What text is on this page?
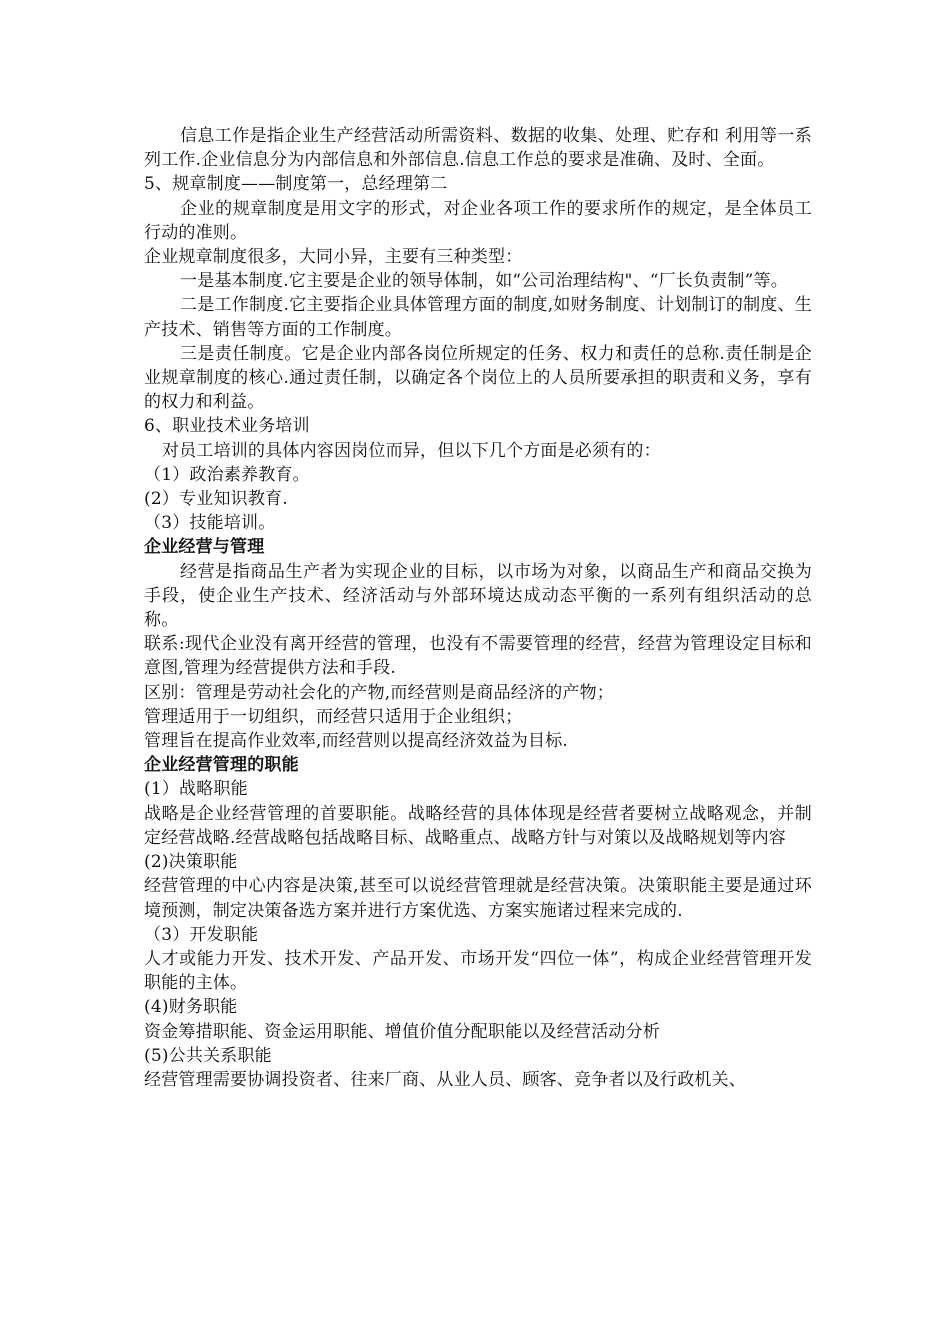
信息工作是指企业生产经营活动所需资料、数据的收集、处理、贮存和 利用等一系列工作.企业信息分为内部信息和外部信息.信息工作总的要求是准确、及时、全面。

5、规章制度——制度第一，总经理第二

企业的规章制度是用文字的形式，对企业各项工作的要求所作的规定，是全体员工行动的准则。

企业规章制度很多，大同小异，主要有三种类型：

一是基本制度.它主要是企业的领导体制，如“公司治理结构"、“厂长负责制”等。

二是工作制度.它主要指企业具体管理方面的制度,如财务制度、计划制订的制度、生产技术、销售等方面的工作制度。

三是责任制度。它是企业内部各岗位所规定的任务、权力和责任的总称.责任制是企业规章制度的核心.通过责任制，以确定各个岗位上的人员所要承担的职责和义务，享有的权力和利益。

6、职业技术业务培训

对员工培训的具体内容因岗位而异，但以下几个方面是必须有的：

（1）政治素养教育。

(2）专业知识教育.

（3）技能培训。

企业经营与管理

经营是指商品生产者为实现企业的目标，以市场为对象，以商品生产和商品交换为手段，使企业生产技术、经济活动与外部环境达成动态平衡的一系列有组织活动的总称。

联系:现代企业没有离开经营的管理，也没有不需要管理的经营，经营为管理设定目标和意图,管理为经营提供方法和手段.

区别：管理是劳动社会化的产物,而经营则是商品经济的产物；

管理适用于一切组织，而经营只适用于企业组织；

管理旨在提高作业效率,而经营则以提高经济效益为目标.

企业经营管理的职能

(1）战略职能

战略是企业经营管理的首要职能。战略经营的具体体现是经营者要树立战略观念，并制定经营战略.经营战略包括战略目标、战略重点、战略方针与对策以及战略规划等内容

(2)决策职能

经营管理的中心内容是决策,甚至可以说经营管理就是经营决策。决策职能主要是通过环境预测，制定决策备选方案并进行方案优选、方案实施诸过程来完成的.

（3）开发职能

人才或能力开发、技术开发、产品开发、市场开发“四位一体”，构成企业经营管理开发职能的主体。

(4)财务职能

资金筹措职能、资金运用职能、增值价值分配职能以及经营活动分析

(5)公共关系职能

经营管理需要协调投资者、往来厂商、从业人员、顾客、竞争者以及行政机关、
